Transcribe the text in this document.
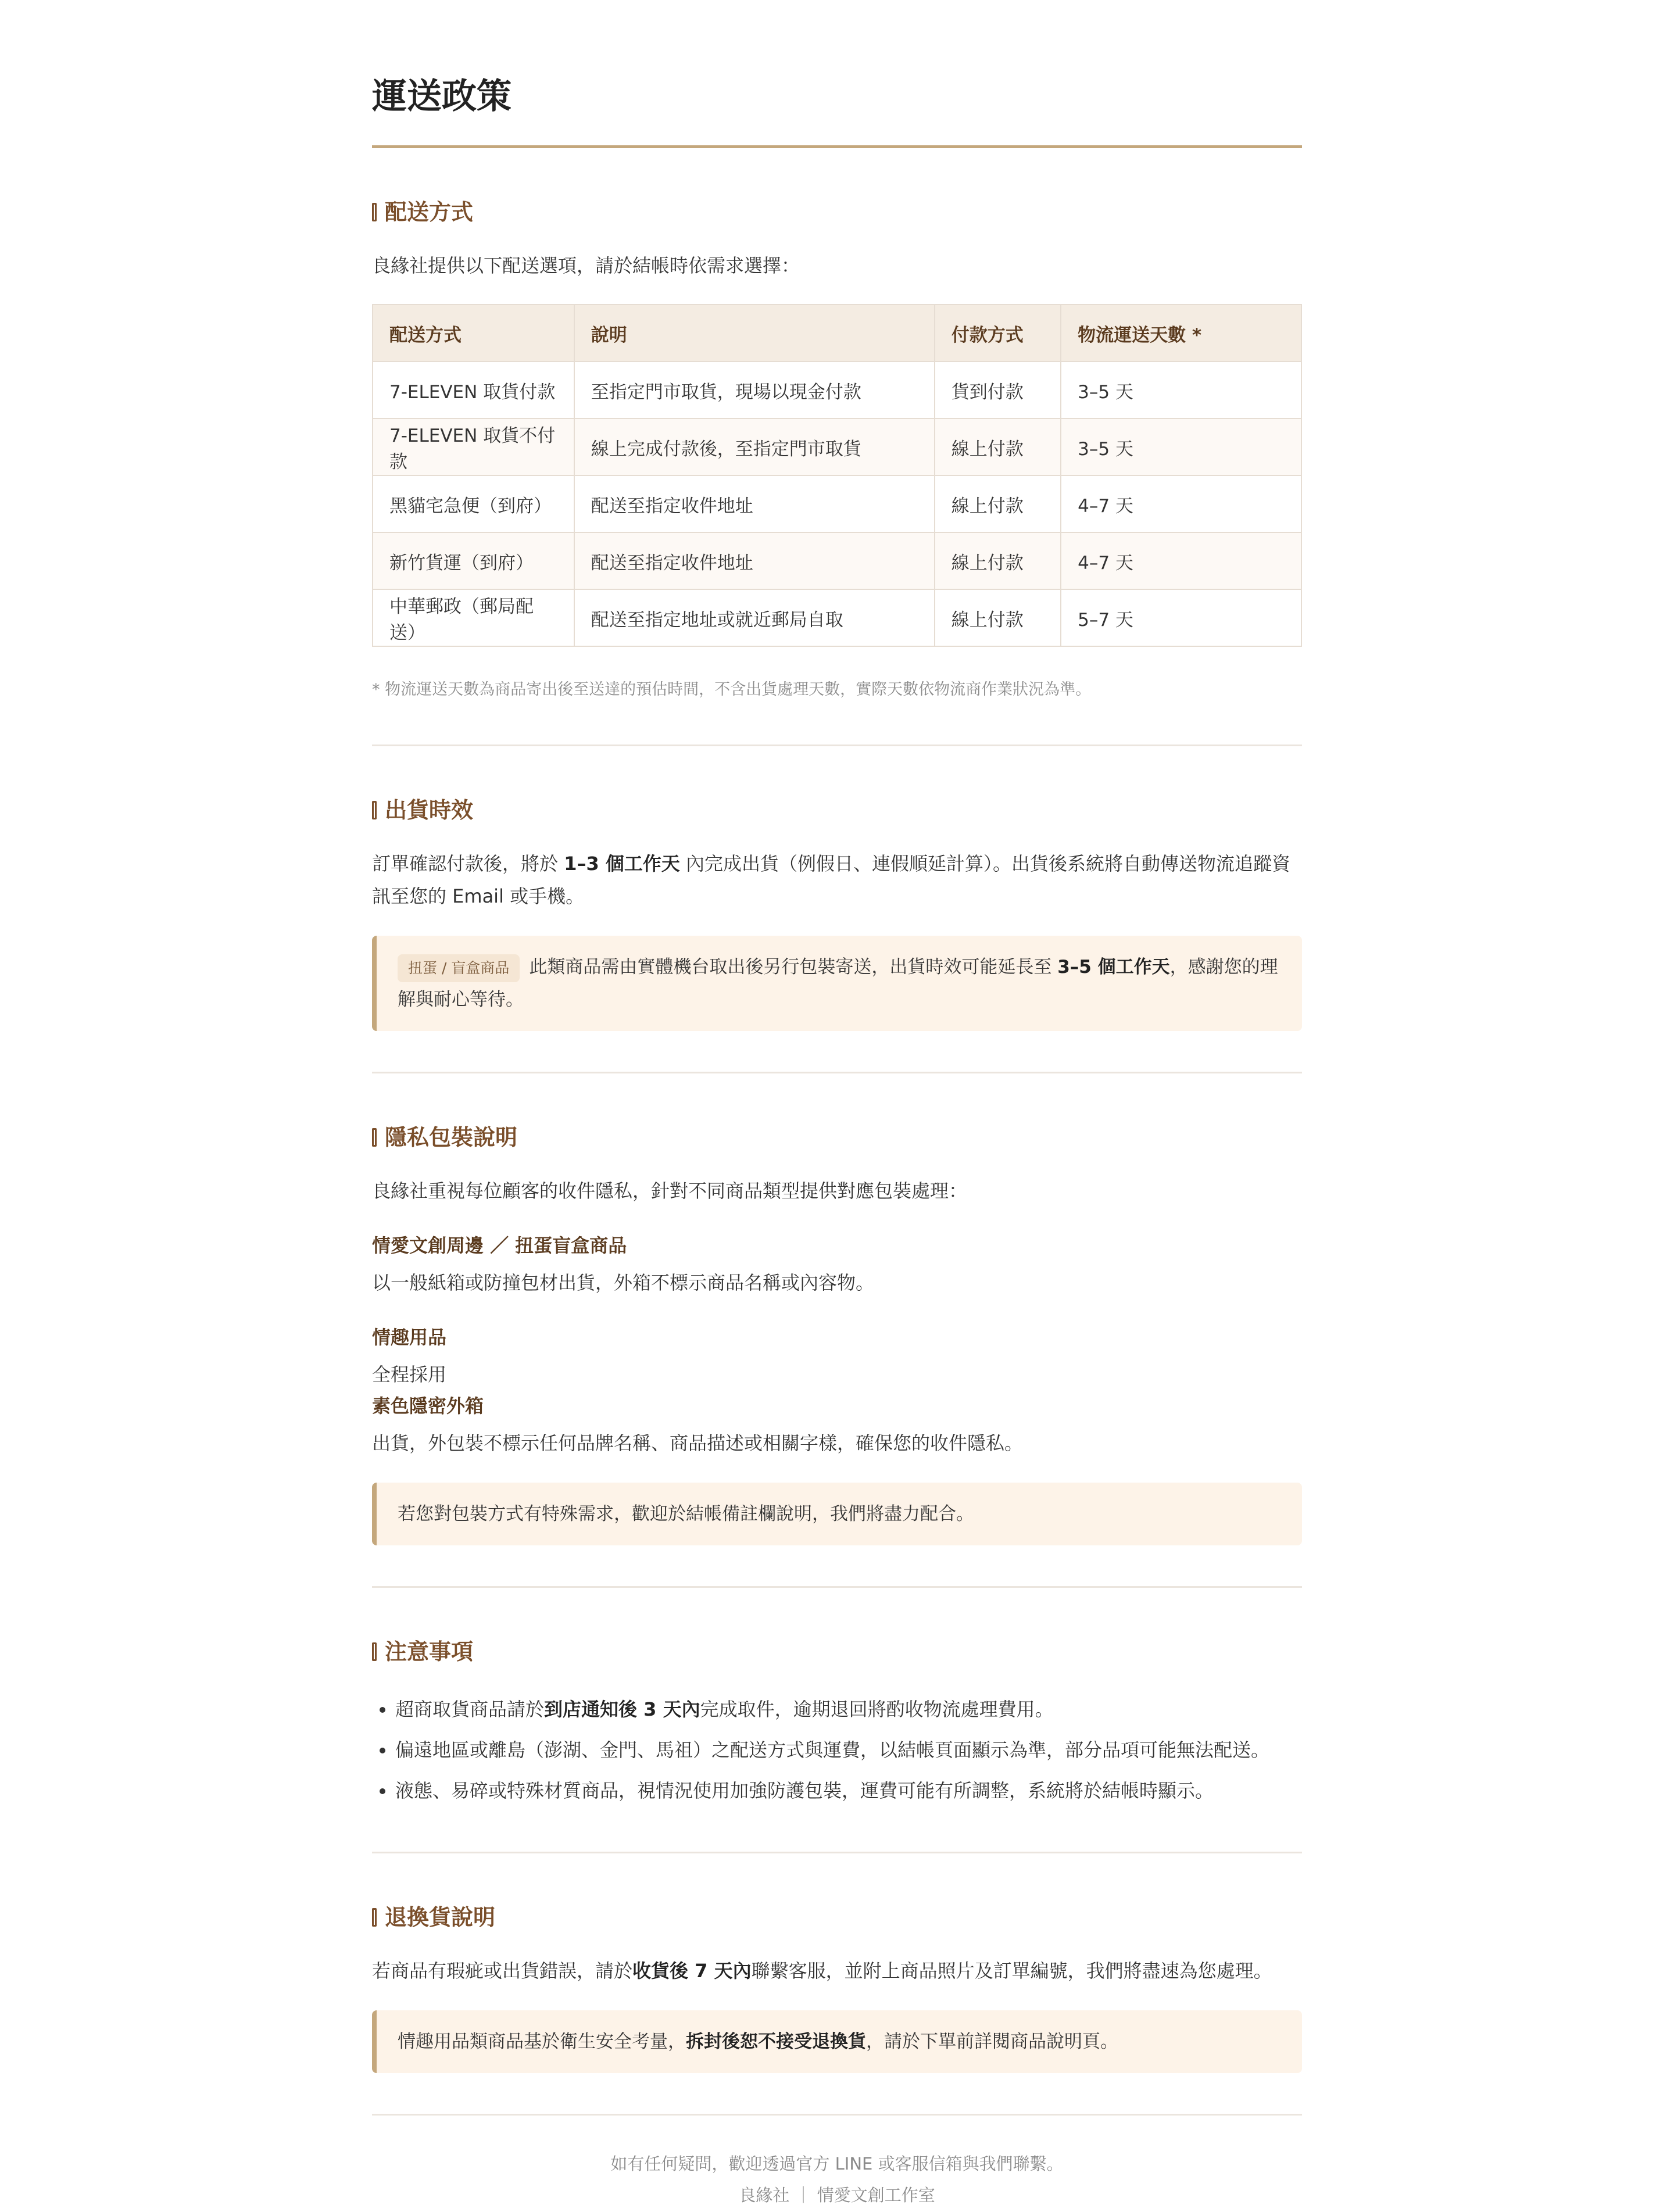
運送政策
配送方式

良緣社提供以下配送選項，請於結帳時依需求選擇：

配送方式	說明	付款方式	物流運送天數 *
7-ELEVEN 取貨付款	至指定門市取貨，現場以現金付款	貨到付款	3–5 天
7-ELEVEN 取貨不付款	線上完成付款後，至指定門市取貨	線上付款	3–5 天
黑貓宅急便（到府）	配送至指定收件地址	線上付款	4–7 天
新竹貨運（到府）	配送至指定收件地址	線上付款	4–7 天
中華郵政（郵局配送）	配送至指定地址或就近郵局自取	線上付款	5–7 天

* 物流運送天數為商品寄出後至送達的預估時間，不含出貨處理天數，實際天數依物流商作業狀況為準。

出貨時效

訂單確認付款後，將於 1–3 個工作天 內完成出貨（例假日、連假順延計算）。出貨後系統將自動傳送物流追蹤資訊至您的 Email 或手機。

扭蛋 / 盲盒商品 此類商品需由實體機台取出後另行包裝寄送，出貨時效可能延長至 3–5 個工作天，感謝您的理解與耐心等待。
隱私包裝說明

良緣社重視每位顧客的收件隱私，針對不同商品類型提供對應包裝處理：

情愛文創周邊 ／ 扭蛋盲盒商品

以一般紙箱或防撞包材出貨，外箱不標示商品名稱或內容物。

情趣用品

全程採用

素色隱密外箱

出貨，外包裝不標示任何品牌名稱、商品描述或相關字樣，確保您的收件隱私。

若您對包裝方式有特殊需求，歡迎於結帳備註欄說明，我們將盡力配合。
注意事項
• 超商取貨商品請於到店通知後 3 天內完成取件，逾期退回將酌收物流處理費用。
• 偏遠地區或離島（澎湖、金門、馬祖）之配送方式與運費，以結帳頁面顯示為準，部分品項可能無法配送。
• 液態、易碎或特殊材質商品，視情況使用加強防護包裝，運費可能有所調整，系統將於結帳時顯示。
退換貨說明

若商品有瑕疵或出貨錯誤，請於收貨後 7 天內聯繫客服，並附上商品照片及訂單編號，我們將盡速為您處理。

情趣用品類商品基於衛生安全考量，拆封後恕不接受退換貨，請於下單前詳閱商品說明頁。
如有任何疑問，歡迎透過官方 LINE 或客服信箱與我們聯繫。
良緣社 ｜ 情愛文創工作室
